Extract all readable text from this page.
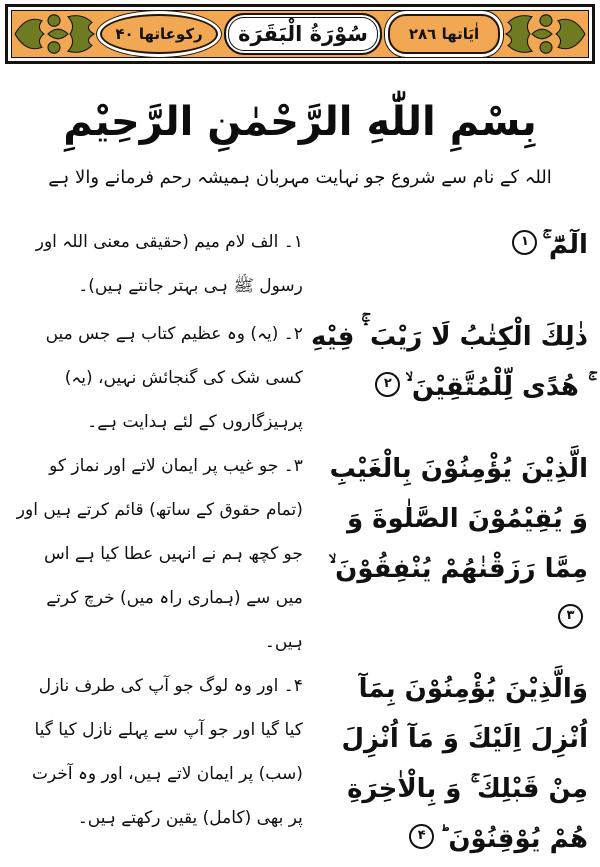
رکوعاتها ۴۰ سُوْرَةُ الْبَقَرَة	اٰيَاتها ٢٨٦
بِسْمِ اللّٰهِ الرَّحْمٰنِ الرَّحِيْمِ
اللہ کے نام سے شروع جو نہایت مہربان ہمیشہ رحم فرمانے والا ہے
۱۔ الف لام میم (حقیقی معنی اللہ اور رسول ﷺ ہی بہتر جانتے ہیں)۔
الٓمّٓ ۚ۱
۲۔ (یہ) وہ عظیم کتاب ہے جس میں کسی شک کی گنجائش نہیں، (یہ) پرہیزگاروں کے لئے ہدایت ہے۔
ذٰلِكَ الْكِتٰبُ لَا رَيْبَ ۛۚ فِيْهِ ۚ هُدًى لِّلْمُتَّقِيْنَ ۙ۲
۳۔ جو غیب پر ایمان لاتے اور نماز کو (تمام حقوق کے ساتھ) قائم کرتے ہیں اور جو کچھ ہم نے انہیں عطا کیا ہے اس میں سے (ہماری راہ میں) خرچ کرتے ہیں۔
الَّذِيْنَ يُؤْمِنُوْنَ بِالْغَيْبِ وَ يُقِيْمُوْنَ الصَّلٰوةَ وَ مِمَّا رَزَقْنٰهُمْ يُنْفِقُوْنَ ۙ۳
۴۔ اور وہ لوگ جو آپ کی طرف نازل کیا گیا اور جو آپ سے پہلے نازل کیا گیا (سب) پر ایمان لاتے ہیں، اور وہ آخرت پر بھی (کامل) یقین رکھتے ہیں۔
وَالَّذِيْنَ يُؤْمِنُوْنَ بِمَآ اُنْزِلَ اِلَيْكَ وَ مَآ اُنْزِلَ مِنْ قَبْلِكَ ۚ وَ بِالْاٰخِرَةِ هُمْ يُوْقِنُوْنَ ؕ۴
